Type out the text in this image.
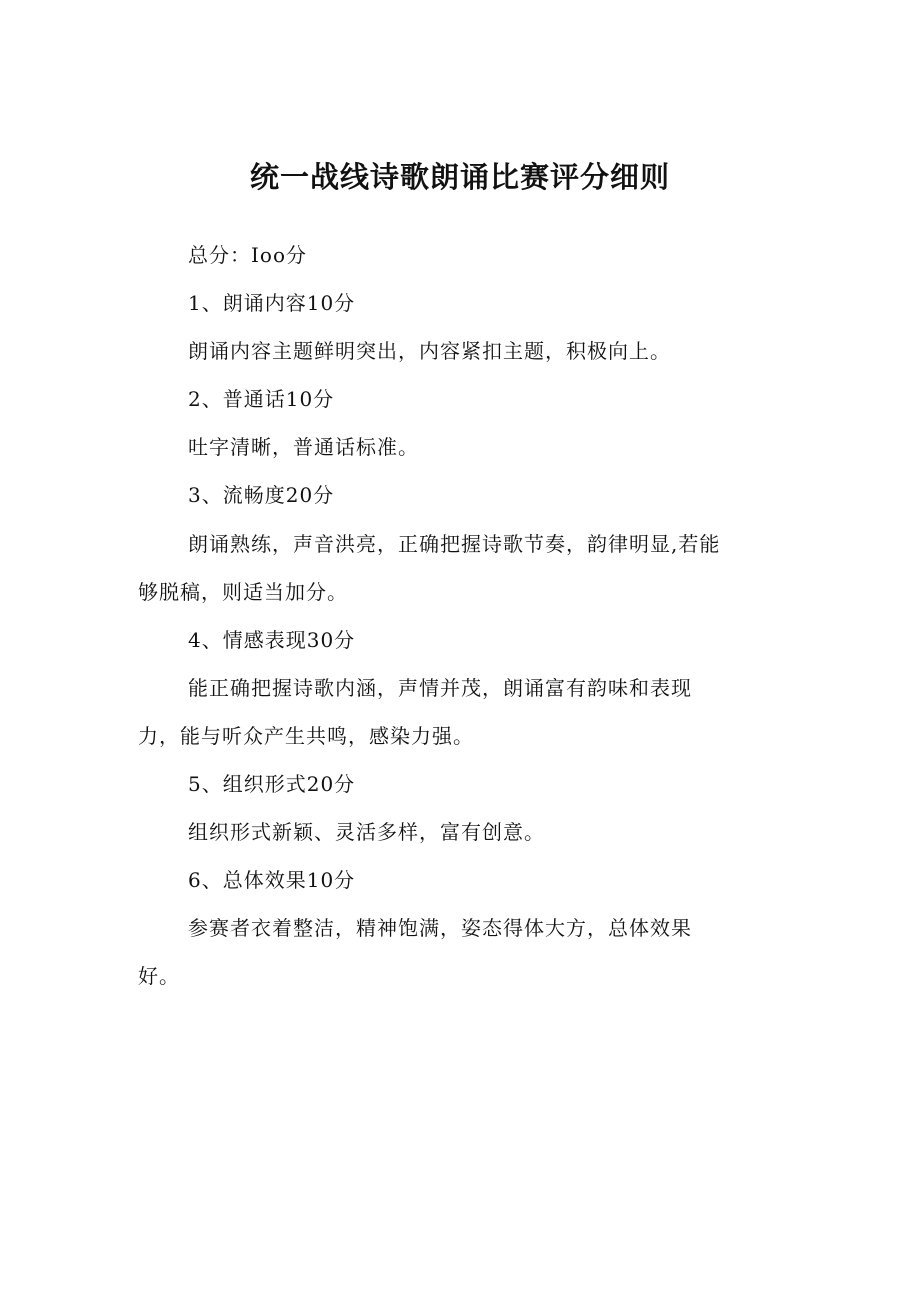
统一战线诗歌朗诵比赛评分细则
总分：Ioo分
1、朗诵内容10分
朗诵内容主题鲜明突出，内容紧扣主题，积极向上。
2、普通话10分
吐字清晰，普通话标准。
3、流畅度20分
朗诵熟练，声音洪亮，正确把握诗歌节奏，韵律明显,若能
够脱稿，则适当加分。
4、情感表现30分
能正确把握诗歌内涵，声情并茂，朗诵富有韵味和表现
力，能与听众产生共鸣，感染力强。
5、组织形式20分
组织形式新颖、灵活多样，富有创意。
6、总体效果10分
参赛者衣着整洁，精神饱满，姿态得体大方，总体效果
好。
